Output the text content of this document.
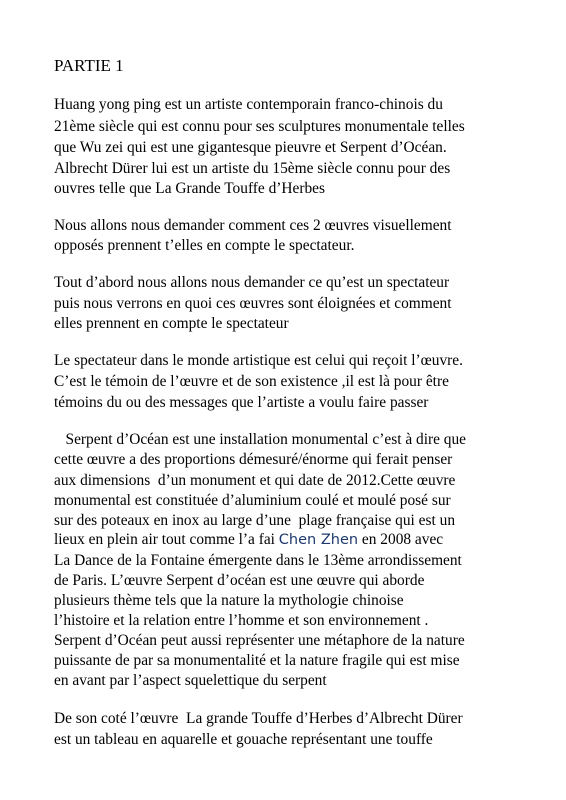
PARTIE 1
Huang yong ping est un artiste contemporain franco-chinois du
21ème siècle qui est connu pour ses sculptures monumentale telles
que Wu zei qui est une gigantesque pieuvre et Serpent d’Océan.
Albrecht Dürer lui est un artiste du 15ème siècle connu pour des
ouvres telle que La Grande Touffe d’Herbes
Nous allons nous demander comment ces 2 œuvres visuellement
opposés prennent t’elles en compte le spectateur.
Tout d’abord nous allons nous demander ce qu’est un spectateur
puis nous verrons en quoi ces œuvres sont éloignées et comment
elles prennent en compte le spectateur
Le spectateur dans le monde artistique est celui qui reçoit l’œuvre.
C’est le témoin de l’œuvre et de son existence ,il est là pour être
témoins du ou des messages que l’artiste a voulu faire passer
Serpent d’Océan est une installation monumental c’est à dire que
cette œuvre a des proportions démesuré/énorme qui ferait penser
aux dimensions  d’un monument et qui date de 2012.Cette œuvre
monumental est constituée d’aluminium coulé et moulé posé sur
sur des poteaux en inox au large d’une  plage française qui est un
lieux en plein air tout comme l’a fai Chen Zhen en 2008 avec
La Dance de la Fontaine émergente dans le 13ème arrondissement
de Paris. L’œuvre Serpent d’océan est une œuvre qui aborde
plusieurs thème tels que la nature la mythologie chinoise
l’histoire et la relation entre l’homme et son environnement .
Serpent d’Océan peut aussi représenter une métaphore de la nature
puissante de par sa monumentalité et la nature fragile qui est mise
en avant par l’aspect squelettique du serpent
De son coté l’œuvre  La grande Touffe d’Herbes d’Albrecht Dürer
est un tableau en aquarelle et gouache représentant une touffe
